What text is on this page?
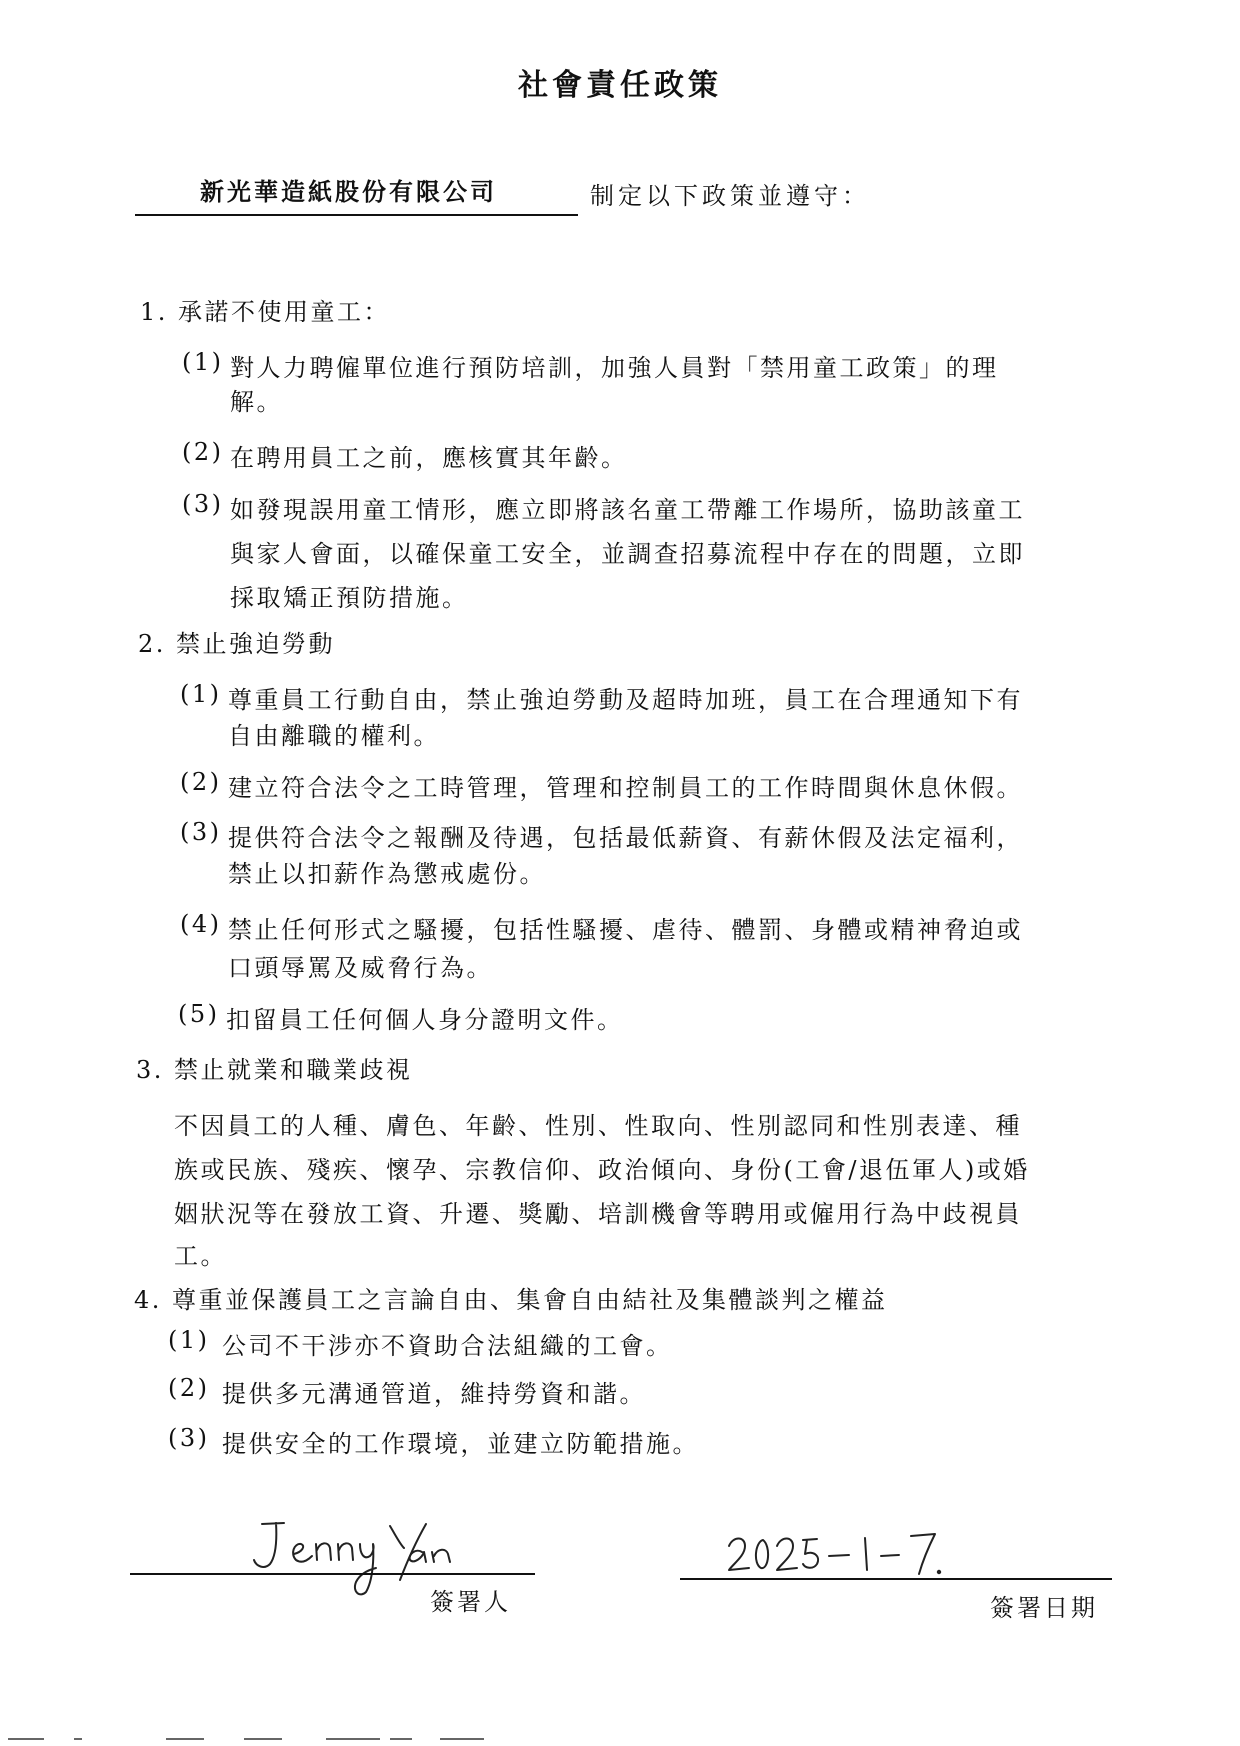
社會責任政策
新光華造紙股份有限公司	制定以下政策並遵守：
1. 承諾不使用童工：
(1) 對人力聘僱單位進行預防培訓，加強人員對「禁用童工政策」的理
解。
(2) 在聘用員工之前，應核實其年齡。
(3) 如發現誤用童工情形，應立即將該名童工帶離工作場所，協助該童工
與家人會面，以確保童工安全，並調查招募流程中存在的問題，立即
採取矯正預防措施。
2. 禁止強迫勞動
(1) 尊重員工行動自由，禁止強迫勞動及超時加班，員工在合理通知下有
自由離職的權利。
(2) 建立符合法令之工時管理，管理和控制員工的工作時間與休息休假。
(3) 提供符合法令之報酬及待遇，包括最低薪資、有薪休假及法定福利，
禁止以扣薪作為懲戒處份。
(4) 禁止任何形式之騷擾，包括性騷擾、虐待、體罰、身體或精神脅迫或
口頭辱罵及威脅行為。
(5) 扣留員工任何個人身分證明文件。
3. 禁止就業和職業歧視
不因員工的人種、膚色、年齡、性別、性取向、性別認同和性別表達、種
族或民族、殘疾、懷孕、宗教信仰、政治傾向、身份(工會/退伍軍人)或婚
姻狀況等在發放工資、升遷、獎勵、培訓機會等聘用或僱用行為中歧視員
工。
4. 尊重並保護員工之言論自由、集會自由結社及集體談判之權益
(1) 公司不干涉亦不資助合法組織的工會。
(2) 提供多元溝通管道，維持勞資和諧。
(3) 提供安全的工作環境，並建立防範措施。
簽署人	簽署日期
